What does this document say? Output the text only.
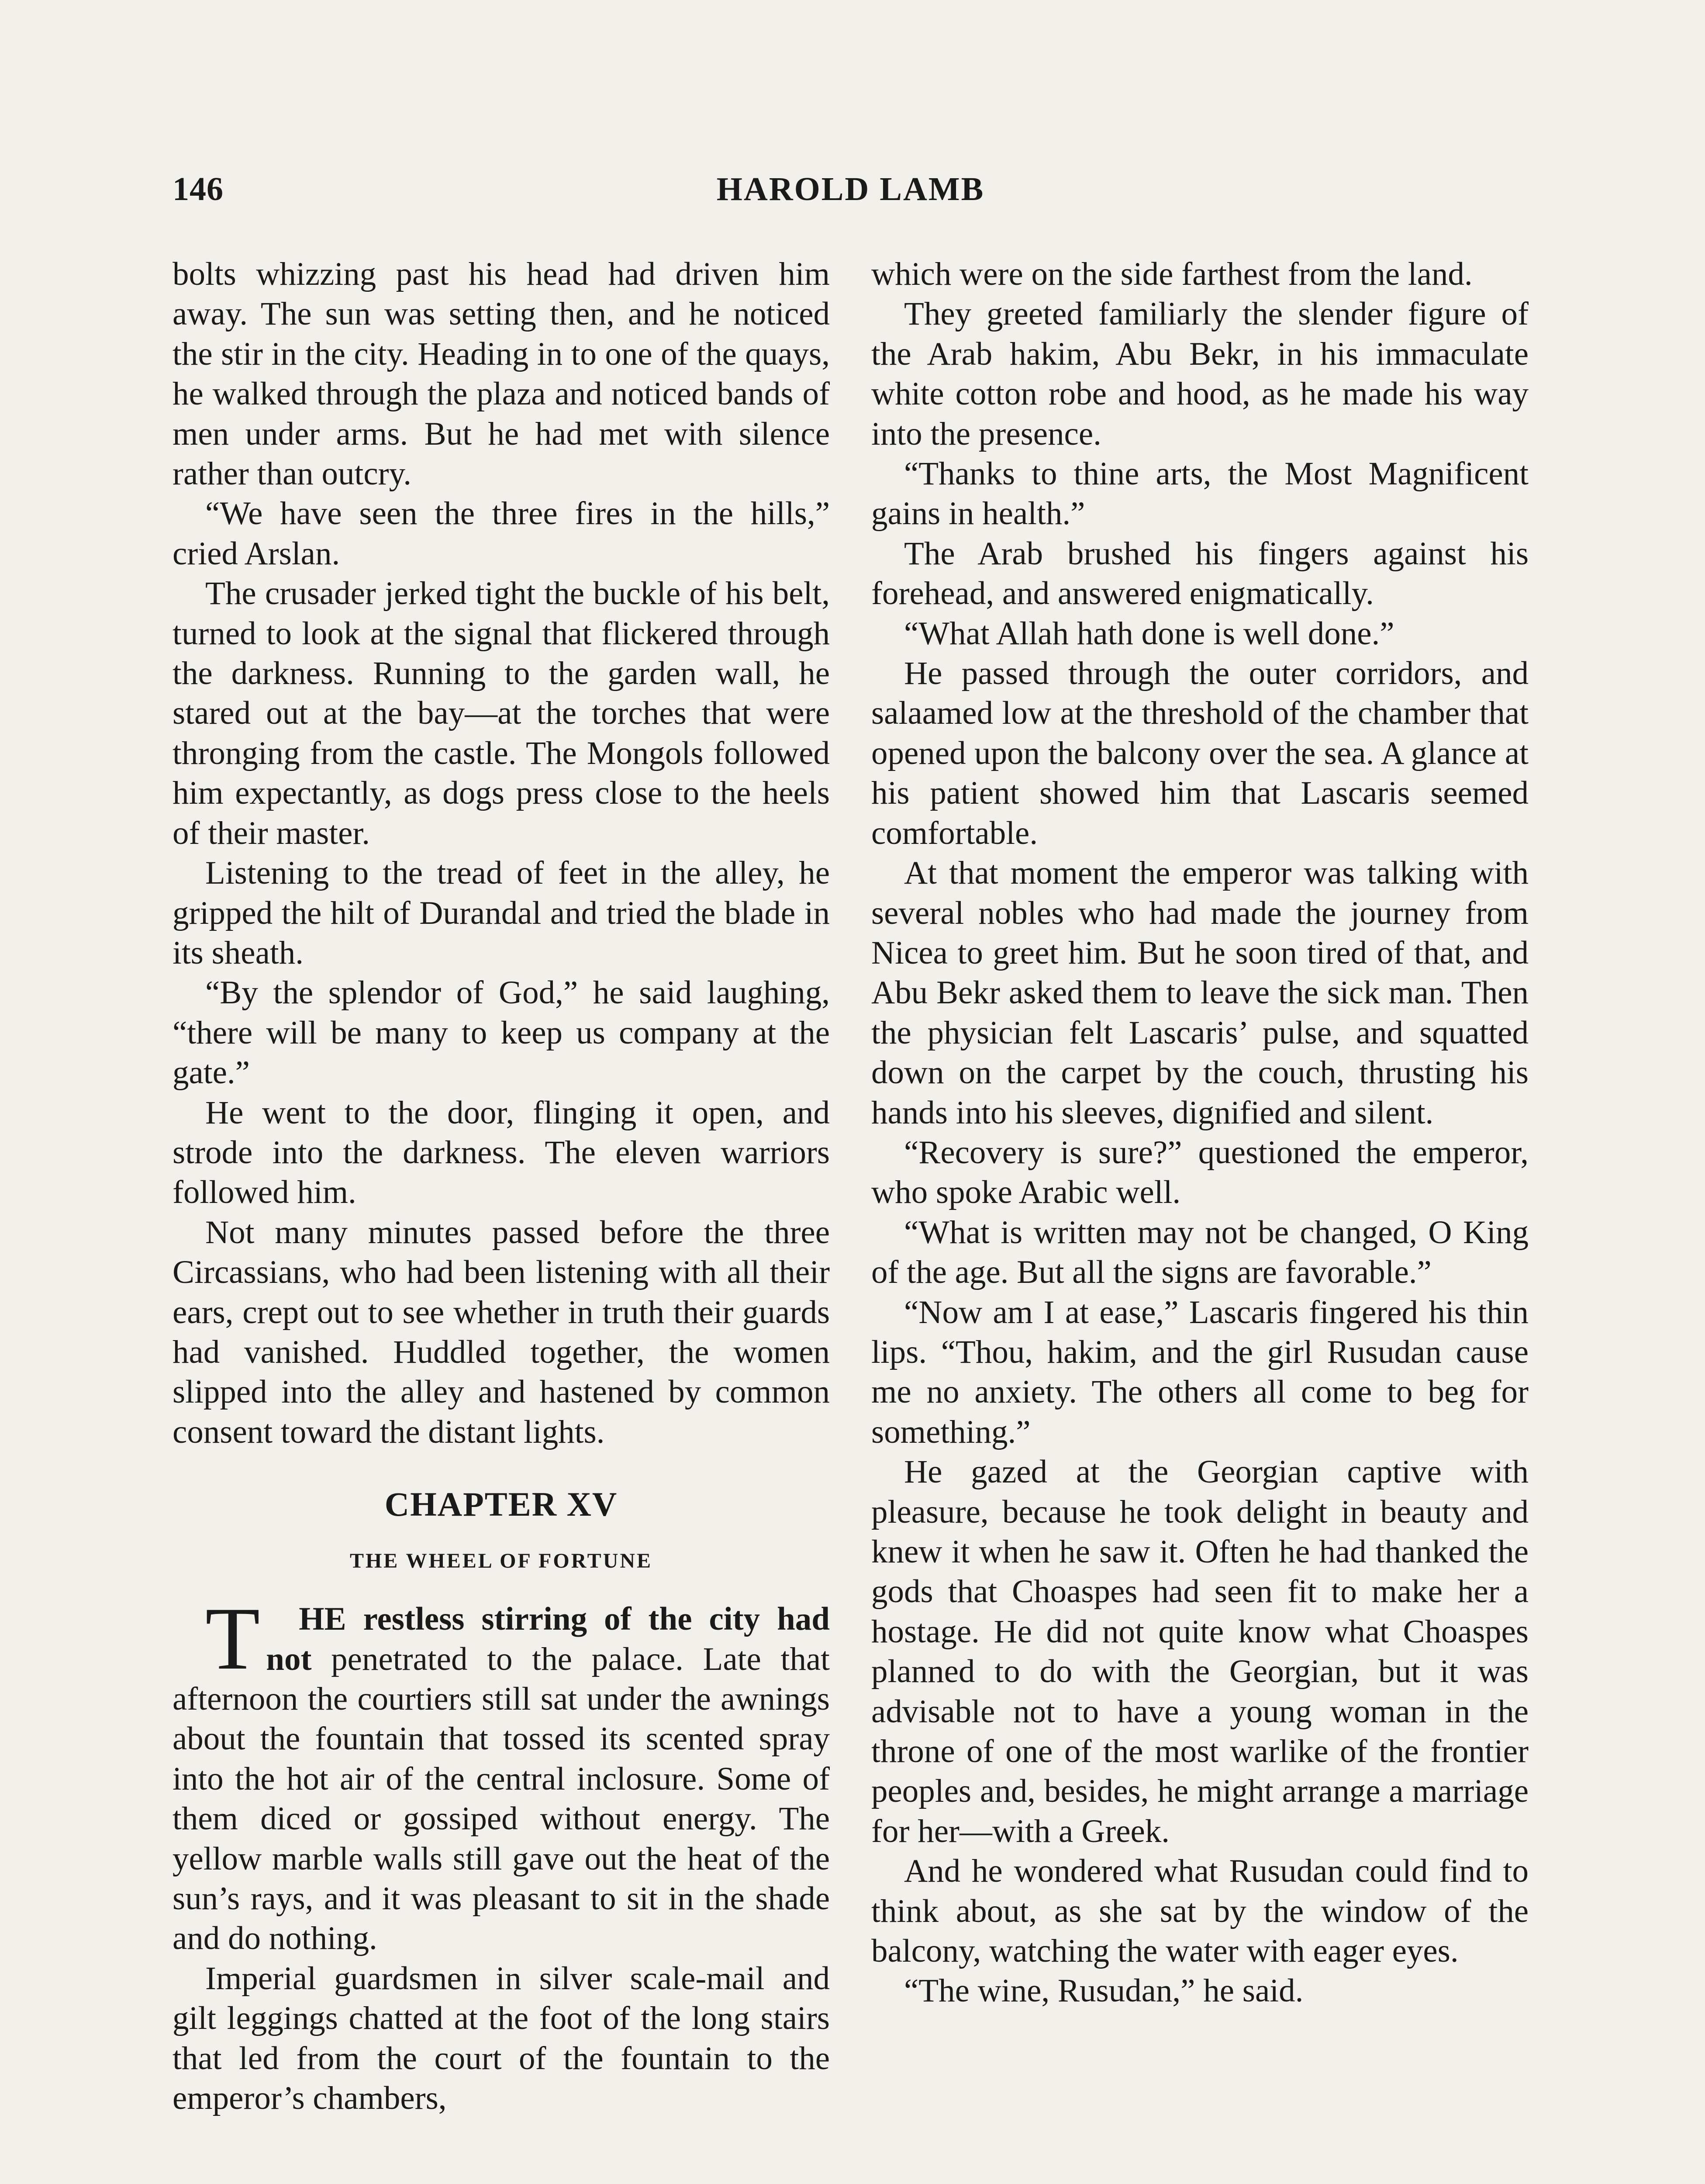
146	HAROLD LAMB

bolts whizzing past his head had driven him away. The sun was setting then, and he noticed the stir in the city. Heading in to one of the quays, he walked through the plaza and noticed bands of men under arms. But he had met with silence rather than outcry.

“We have seen the three fires in the hills,” cried Arslan.

The crusader jerked tight the buckle of his belt, turned to look at the signal that flickered through the darkness. Running to the garden wall, he stared out at the bay—at the torches that were thronging from the castle. The Mongols followed him expectantly, as dogs press close to the heels of their master.

Listening to the tread of feet in the alley, he gripped the hilt of Durandal and tried the blade in its sheath.

“By the splendor of God,” he said laughing, “there will be many to keep us company at the gate.”

He went to the door, flinging it open, and strode into the darkness. The eleven warriors followed him.

Not many minutes passed before the three Circassians, who had been listening with all their ears, crept out to see whether in truth their guards had vanished. Huddled together, the women slipped into the alley and hastened by common consent toward the distant lights.

CHAPTER XV
THE WHEEL OF FORTUNE

T HE restless stirring of the city had not penetrated to the palace. Late that afternoon the courtiers still sat under the awnings about the fountain that tossed its scented spray into the hot air of the central inclosure. Some of them diced or gossiped without energy. The yellow marble walls still gave out the heat of the sun’s rays, and it was pleasant to sit in the shade and do nothing.

Imperial guardsmen in silver scale-mail and gilt leggings chatted at the foot of the long stairs that led from the court of the fountain to the emperor’s chambers,

which were on the side farthest from the land.

They greeted familiarly the slender figure of the Arab hakim, Abu Bekr, in his immaculate white cotton robe and hood, as he made his way into the presence.

“Thanks to thine arts, the Most Magnificent gains in health.”

The Arab brushed his fingers against his forehead, and answered enigmatically.

“What Allah hath done is well done.”

He passed through the outer corridors, and salaamed low at the threshold of the chamber that opened upon the balcony over the sea. A glance at his patient showed him that Lascaris seemed comfortable.

At that moment the emperor was talking with several nobles who had made the journey from Nicea to greet him. But he soon tired of that, and Abu Bekr asked them to leave the sick man. Then the physician felt Lascaris’ pulse, and squatted down on the carpet by the couch, thrusting his hands into his sleeves, dignified and silent.

“Recovery is sure?” questioned the emperor, who spoke Arabic well.

“What is written may not be changed, O King of the age. But all the signs are favorable.”

“Now am I at ease,” Lascaris fingered his thin lips. “Thou, hakim, and the girl Rusudan cause me no anxiety. The others all come to beg for something.”

He gazed at the Georgian captive with pleasure, because he took delight in beauty and knew it when he saw it. Often he had thanked the gods that Choaspes had seen fit to make her a hostage. He did not quite know what Choaspes planned to do with the Georgian, but it was advisable not to have a young woman in the throne of one of the most warlike of the frontier peoples and, besides, he might arrange a marriage for her—with a Greek.

And he wondered what Rusudan could find to think about, as she sat by the window of the balcony, watching the water with eager eyes.

“The wine, Rusudan,” he said.
